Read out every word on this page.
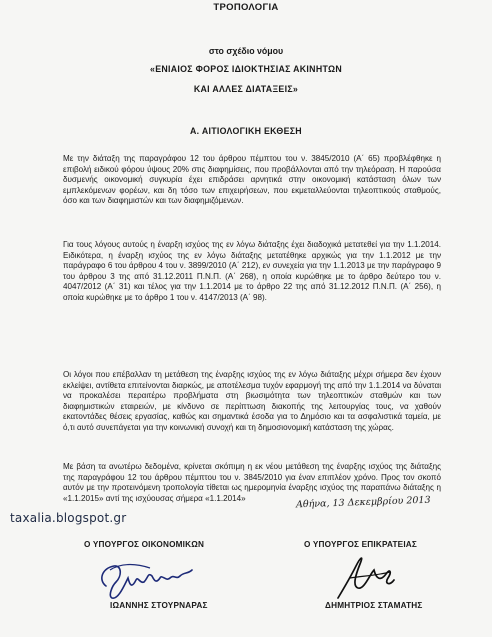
ΤΡΟΠΟΛΟΓΙΑ
στο σχέδιο νόμου
«ΕΝΙΑΙΟΣ ΦΟΡΟΣ ΙΔΙΟΚΤΗΣΙΑΣ ΑΚΙΝΗΤΩΝ
ΚΑΙ ΑΛΛΕΣ ΔΙΑΤΑΞΕΙΣ»
Α. ΑΙΤΙΟΛΟΓΙΚΗ ΕΚΘΕΣΗ

Με την διάταξη της παραγράφου 12 του άρθρου πέμπτου του ν. 3845/2010 (Α΄ 65) προβλέφθηκε η επιβολή ειδικού φόρου ύψους 20% στις διαφημίσεις, που προβάλλονται από την τηλεόραση. Η παρούσα δυσμενής οικονομική συγκυρία έχει επιδράσει αρνητικά στην οικονομική κατάσταση όλων των εμπλεκόμενων φορέων, και δη τόσο των επιχειρήσεων, που εκμεταλλεύονται τηλεοπτικούς σταθμούς, όσο και των διαφημιστών και των διαφημιζόμενων.

Για τους λόγους αυτούς η έναρξη ισχύος της εν λόγω διάταξης έχει διαδοχικά μετατεθεί για την 1.1.2014. Ειδικότερα, η έναρξη ισχύος της εν λόγω διάταξης μετατέθηκε αρχικώς για την 1.1.2012 με την παράγραφο 6 του άρθρου 4 του ν. 3899/2010 (Α΄ 212), εν συνεχεία για την 1.1.2013 με την παράγραφο 9 του άρθρου 3 της από 31.12.2011 Π.Ν.Π. (Α΄ 268), η οποία κυρώθηκε με το άρθρο δεύτερο του ν. 4047/2012 (Α΄ 31) και τέλος για την 1.1.2014 με το άρθρο 22 της από 31.12.2012 Π.Ν.Π. (Α΄ 256), η οποία κυρώθηκε με το άρθρο 1 του ν. 4147/2013 (Α΄ 98).

Οι λόγοι που επέβαλλαν τη μετάθεση της έναρξης ισχύος της εν λόγω διάταξης μέχρι σήμερα δεν έχουν εκλείψει, αντίθετα επιτείνονται διαρκώς, με αποτέλεσμα τυχόν εφαρμογή της από την 1.1.2014 να δύναται να προκαλέσει περαιτέρω προβλήματα στη βιωσιμότητα των τηλεοπτικών σταθμών και των διαφημιστικών εταιρειών, με κίνδυνο σε περίπτωση διακοπής της λειτουργίας τους, να χαθούν εκατοντάδες θέσεις εργασίας, καθώς και σημαντικά έσοδα για το Δημόσιο και τα ασφαλιστικά ταμεία, με ό,τι αυτό συνεπάγεται για την κοινωνική συνοχή και τη δημοσιονομική κατάσταση της χώρας.

Με βάση τα ανωτέρω δεδομένα, κρίνεται σκόπιμη η εκ νέου μετάθεση της έναρξης ισχύος της διάταξης της παραγράφου 12 του άρθρου πέμπτου του ν. 3845/2010 για έναν επιπλέον χρόνο. Προς τον σκοπό αυτόν με την προτεινόμενη τροπολογία τίθεται ως ημερομηνία έναρξης ισχύος της παραπάνω διάταξης η «1.1.2015» αντί της ισχύουσας σήμερα «1.1.2014»	Αθήνα, 13 Δεκεμβρίου 2013
taxalia.blogspot.gr
Ο ΥΠΟΥΡΓΟΣ ΟΙΚΟΝΟΜΙΚΩΝ	Ο ΥΠΟΥΡΓΟΣ ΕΠΙΚΡΑΤΕΙΑΣ
ΙΩΑΝΝΗΣ ΣΤΟΥΡΝΑΡΑΣ	ΔΗΜΗΤΡΙΟΣ ΣΤΑΜΑΤΗΣ
